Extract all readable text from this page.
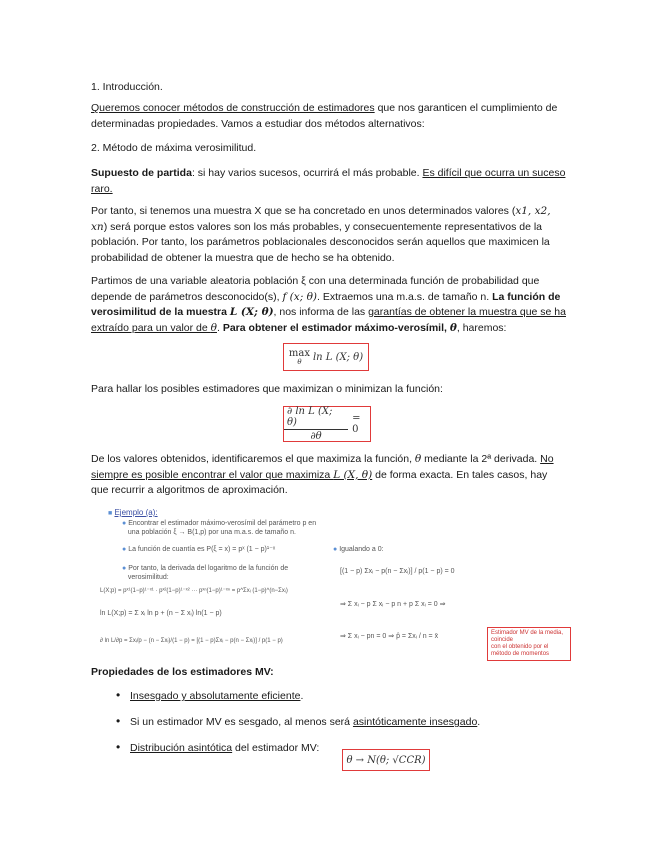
1. Introducción.

Queremos conocer métodos de construcción de estimadores que nos garanticen el cumplimiento de determinadas propiedades. Vamos a estudiar dos métodos alternativos:

2. Método de máxima verosimilitud.

Supuesto de partida: si hay varios sucesos, ocurrirá el más probable. Es difícil que ocurra un suceso raro.

Por tanto, si tenemos una muestra X que se ha concretado en unos determinados valores (x1, x2, xn) será porque estos valores son los más probables, y consecuentemente representativos de la población. Por tanto, los parámetros poblacionales desconocidos serán aquellos que maximicen la probabilidad de obtener la muestra que de hecho se ha obtenido.

Partimos de una variable aleatoria población ξ con una determinada función de probabilidad que depende de parámetros desconocido(s), f (x; θ). Extraemos una m.a.s. de tamaño n. La función de verosimilitud de la muestra L (X; θ), nos informa de las garantías de obtener la muestra que se ha extraído para un valor de θ. Para obtener el estimador máximo-verosímil, θ, haremos:

max
θ ln L (X; θ)

Para hallar los posibles estimadores que maximizan o minimizan la función:

$\frac{\text{∂ ln L (X; θ)}}{\partial\theta} = 0$

De los valores obtenidos, identificaremos el que maximiza la función, θ mediante la 2ª derivada. No siempre es posible encontrar el valor que maximiza L (X, θ) de forma exacta. En tales casos, hay que recurrir a algoritmos de aproximación.

■ Ejemplo (a):
● Encontrar el estimador máximo-verosímil del parámetro p en
una población ξ → B(1,p) por una m.a.s. de tamaño n.
● La función de cuantía es P(ξ = x) = pˣ (1 − p)¹⁻ˣ
● Por tanto, la derivada del logaritmo de la función de
verosimilitud:
L(X;p) = pˣ¹(1−p)¹⁻ˣ¹ · pˣ²(1−p)¹⁻ˣ² ··· pˣⁿ(1−p)¹⁻ˣⁿ = p^Σxᵢ (1−p)^(n−Σxᵢ)
ln L(X;p) = Σ xᵢ ln p + (n − Σ xᵢ) ln(1 − p)
∂ ln L/∂p = Σxᵢ/p − (n − Σxᵢ)/(1 − p) = [(1 − p)Σxᵢ − p(n − Σxᵢ)] / p(1 − p)
● Igualando a 0:
[(1 − p) Σxᵢ − p(n − Σxᵢ)] / p(1 − p) = 0
⇒ Σ xᵢ − p Σ xᵢ − p n + p Σ xᵢ = 0 ⇒
⇒ Σ xᵢ − pn = 0 ⇒ p̂ = Σxᵢ / n = x̄	Estimador MV de la media, coincide
con el obtenido por el método de momentos

Propiedades de los estimadores MV:

• Insesgado y absolutamente eficiente.

• Si un estimador MV es sesgado, al menos será asintóticamente insesgado.

• Distribución asintótica del estimador MV:

θ → N(θ; √CCR)
